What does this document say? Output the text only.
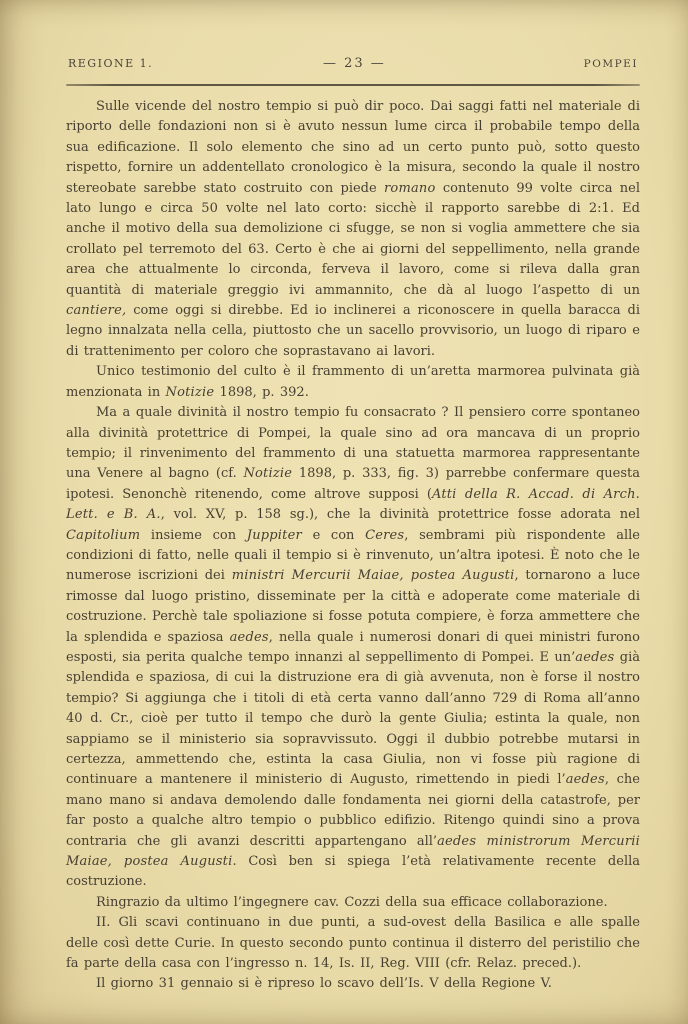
REGIONE 1.	— 23 —	POMPEI

Sulle vicende del nostro tempio si può dir poco. Dai saggi fatti nel materiale di riporto delle fondazioni non si è avuto nessun lume circa il probabile tempo della sua edificazione. Il solo elemento che sino ad un certo punto può, sotto questo rispetto, fornire un addentellato cronologico è la misura, secondo la quale il nostro stereobate sarebbe stato costruito con piede romano contenuto 99 volte circa nel lato lungo e circa 50 volte nel lato corto: sicchè il rapporto sarebbe di 2:1. Ed anche il motivo della sua demolizione ci sfugge, se non si voglia ammettere che sia crollato pel terremoto del 63. Certo è che ai giorni del seppellimento, nella grande area che attualmente lo circonda, ferveva il lavoro, come si rileva dalla gran quantità di materiale greggio ivi ammannito, che dà al luogo l’aspetto di un cantiere, come oggi si direbbe. Ed io inclinerei a riconoscere in quella baracca di legno innalzata nella cella, piuttosto che un sacello provvisorio, un luogo di riparo e di trattenimento per coloro che soprastavano ai lavori.

Unico testimonio del culto è il frammento di un’aretta marmorea pulvinata già menzionata in Notizie 1898, p. 392.

Ma a quale divinità il nostro tempio fu consacrato ? Il pensiero corre spontaneo alla divinità protettrice di Pompei, la quale sino ad ora mancava di un proprio tempio; il rinvenimento del frammento di una statuetta marmorea rappresentante una Venere al bagno (cf. Notizie 1898, p. 333, fig. 3) parrebbe confermare questa ipotesi. Senonchè ritenendo, come altrove supposi (Atti della R. Accad. di Arch. Lett. e B. A., vol. XV, p. 158 sg.), che la divinità protettrice fosse adorata nel Capitolium insieme con Juppiter e con Ceres, sembrami più rispondente alle condizioni di fatto, nelle quali il tempio si è rinvenuto, un’altra ipotesi. È noto che le numerose iscrizioni dei ministri Mercurii Maiae, postea Augusti, tornarono a luce rimosse dal luogo pristino, disseminate per la città e adoperate come materiale di costruzione. Perchè tale spoliazione si fosse potuta compiere, è forza ammettere che la splendida e spaziosa aedes, nella quale i numerosi donari di quei ministri furono esposti, sia perita qualche tempo innanzi al seppellimento di Pompei. E un’aedes già splendida e spaziosa, di cui la distruzione era di già avvenuta, non è forse il nostro tempio? Si aggiunga che i titoli di età certa vanno dall’anno 729 di Roma all’anno 40 d. Cr., cioè per tutto il tempo che durò la gente Giulia; estinta la quale, non sappiamo se il ministerio sia sopravvissuto. Oggi il dubbio potrebbe mutarsi in certezza, ammettendo che, estinta la casa Giulia, non vi fosse più ragione di continuare a mantenere il ministerio di Augusto, rimettendo in piedi l’aedes, che mano mano si andava demolendo dalle fondamenta nei giorni della catastrofe, per far posto a qualche altro tempio o pubblico edifizio. Ritengo quindi sino a prova contraria che gli avanzi descritti appartengano all’aedes ministrorum Mercurii Maiae, postea Augusti. Così ben si spiega l’età relativamente recente della costruzione.

Ringrazio da ultimo l’ingegnere cav. Cozzi della sua efficace collaborazione.

II. Gli scavi continuano in due punti, a sud-ovest della Basilica e alle spalle delle così dette Curie. In questo secondo punto continua il disterro del peristilio che fa parte della casa con l’ingresso n. 14, Is. II, Reg. VIII (cfr. Relaz. preced.).

Il giorno 31 gennaio si è ripreso lo scavo dell’Is. V della Regione V.
